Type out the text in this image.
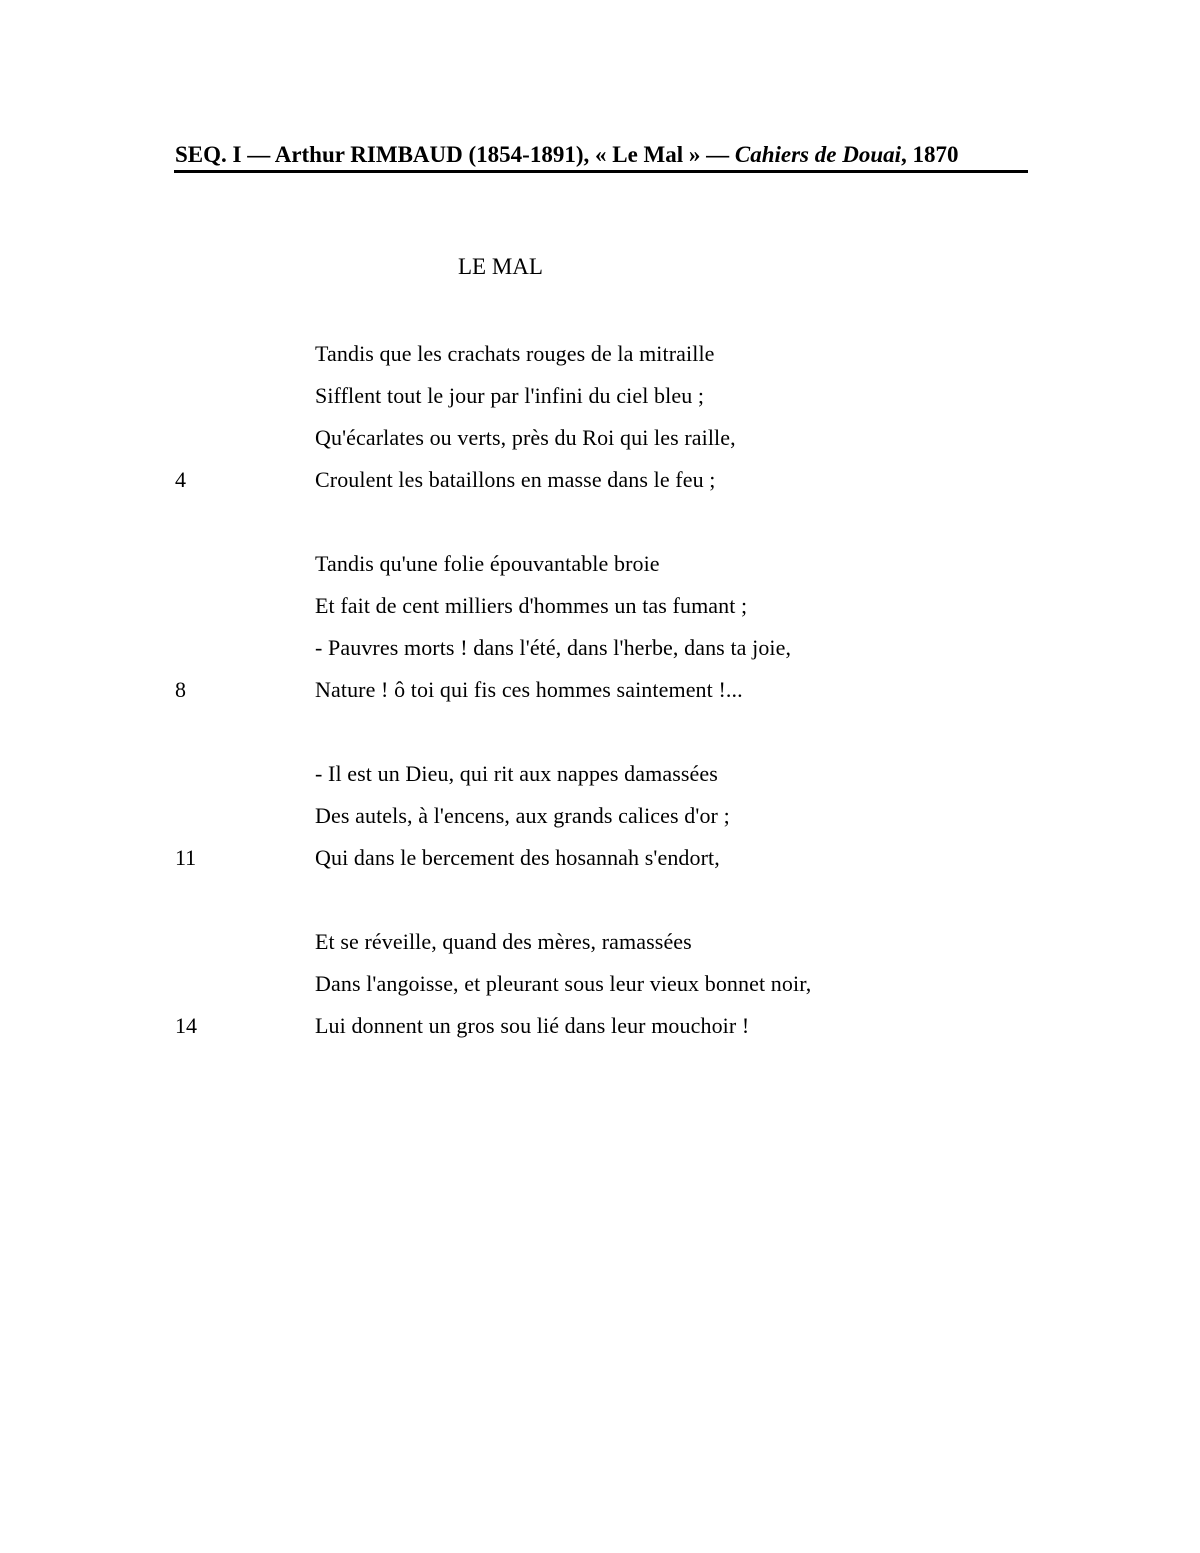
SEQ. I — Arthur RIMBAUD (1854-1891), « Le Mal » — Cahiers de Douai, 1870
LE MAL
Tandis que les crachats rouges de la mitraille
Sifflent tout le jour par l'infini du ciel bleu ;
Qu'écarlates ou verts, près du Roi qui les raille,
4	Croulent les bataillons en masse dans le feu ;
Tandis qu'une folie épouvantable broie
Et fait de cent milliers d'hommes un tas fumant ;
- Pauvres morts ! dans l'été, dans l'herbe, dans ta joie,
8	Nature ! ô toi qui fis ces hommes saintement !...
- Il est un Dieu, qui rit aux nappes damassées
Des autels, à l'encens, aux grands calices d'or ;
11	Qui dans le bercement des hosannah s'endort,
Et se réveille, quand des mères, ramassées
Dans l'angoisse, et pleurant sous leur vieux bonnet noir,
14	Lui donnent un gros sou lié dans leur mouchoir !
